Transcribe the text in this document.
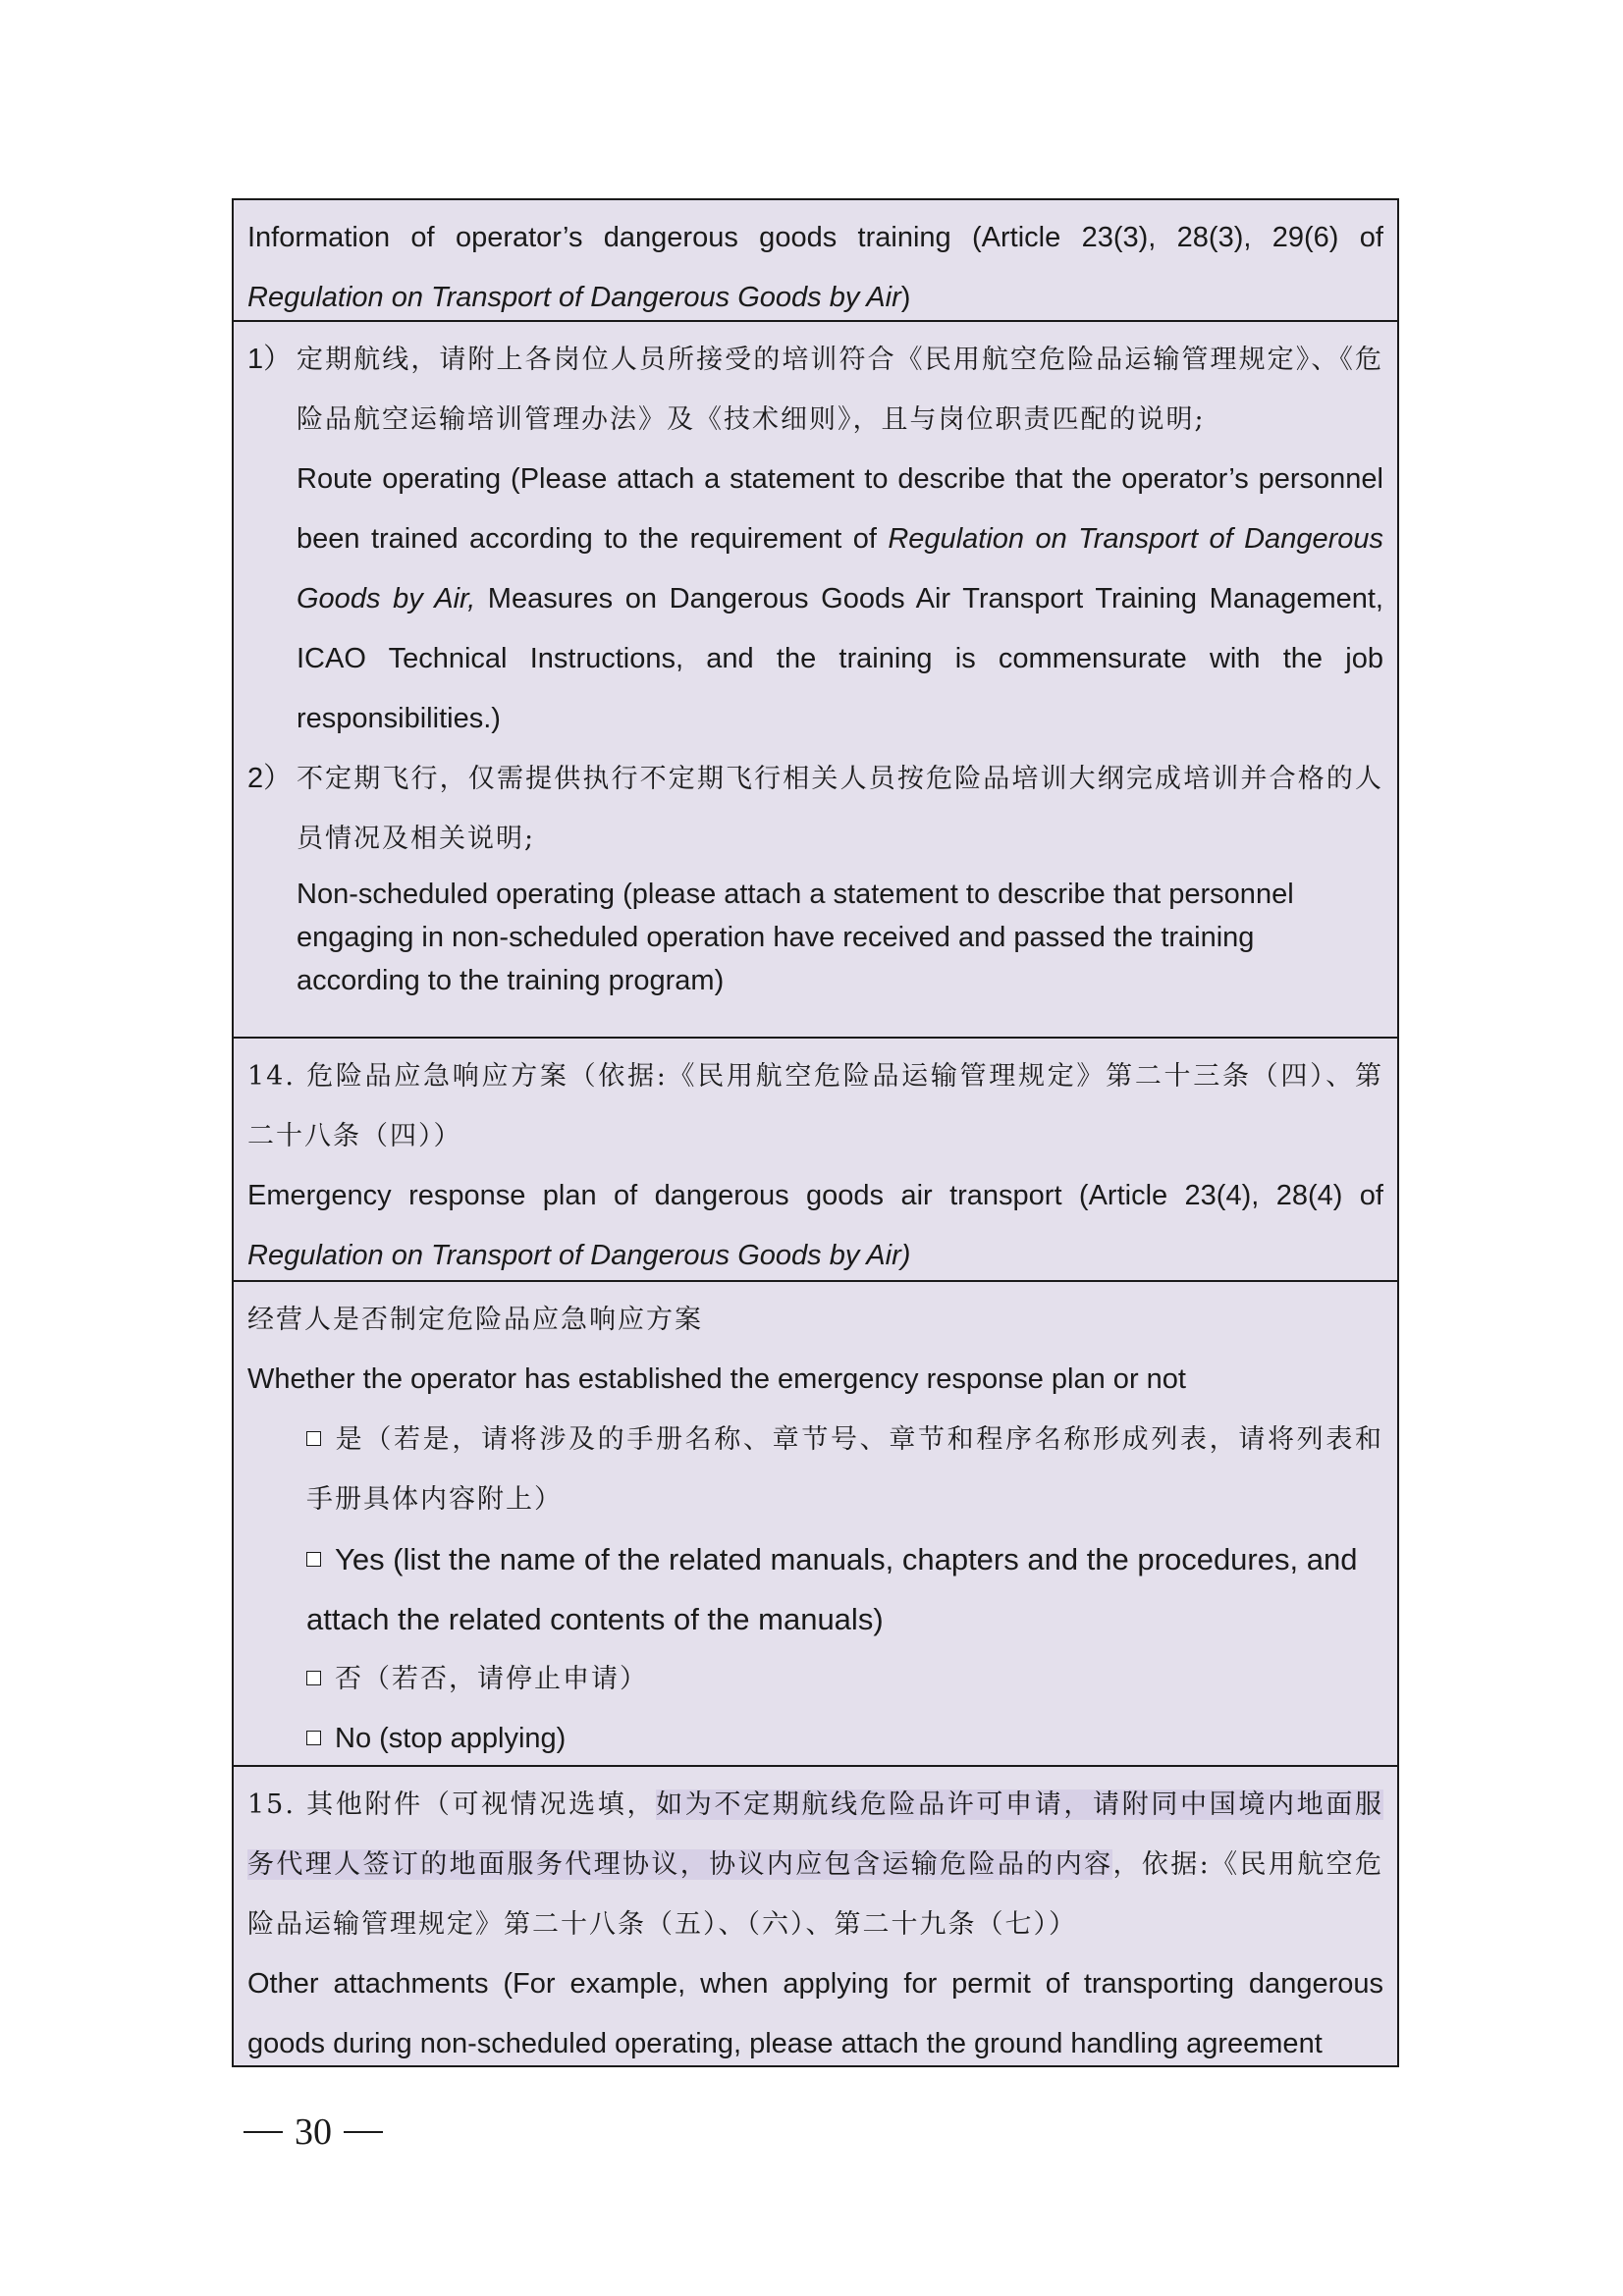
Information of operator’s dangerous goods training (Article 23(3), 28(3), 29(6) of Regulation on Transport of Dangerous Goods by Air)

1） 定期航线，请附上各岗位人员所接受的培训符合《民用航空危险品运输管理规定》、《危险品航空运输培训管理办法》及《技术细则》，且与岗位职责匹配的说明;

Route operating (Please attach a statement to describe that the operator’s personnel been trained according to the requirement of Regulation on Transport of Dangerous Goods by Air, Measures on Dangerous Goods Air Transport Training Management, ICAO Technical Instructions, and the training is commensurate with the job responsibilities.)

2） 不定期飞行，仅需提供执行不定期飞行相关人员按危险品培训大纲完成培训并合格的人员情况及相关说明;

Non-scheduled operating (please attach a statement to describe that personnel engaging in non-scheduled operation have received and passed the training according to the training program)

14. 危险品应急响应方案（依据:《民用航空危险品运输管理规定》第二十三条（四）、第二十八条（四））

Emergency response plan of dangerous goods air transport (Article 23(4), 28(4) of Regulation on Transport of Dangerous Goods by Air)

经营人是否制定危险品应急响应方案

Whether the operator has established the emergency response plan or not

是（若是，请将涉及的手册名称、章节号、章节和程序名称形成列表，请将列表和手册具体内容附上）

Yes (list the name of the related manuals, chapters and the procedures, and attach the related contents of the manuals)

否（若否，请停止申请）

No (stop applying)

15. 其他附件（可视情况选填，如为不定期航线危险品许可申请，请附同中国境内地面服务代理人签订的地面服务代理协议，协议内应包含运输危险品的内容，依据:《民用航空危险品运输管理规定》第二十八条（五）、（六）、第二十九条（七））

Other attachments (For example, when applying for permit of transporting dangerous goods during non-scheduled operating, please attach the ground handling agreement

30
